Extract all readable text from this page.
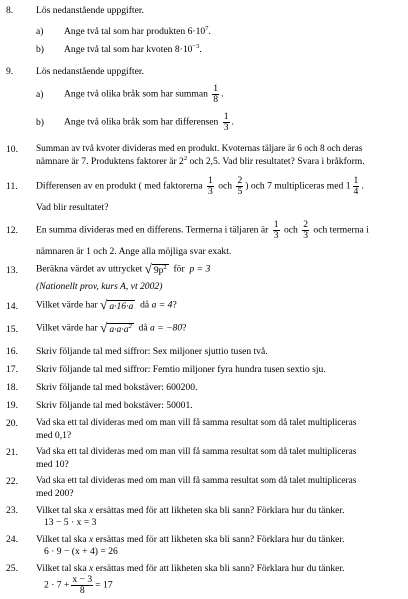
8.	Lös nedanstående uppgifter.
a) Ange två tal som har produkten $6\cdot 10^7$.
b) Ange två tal som har kvoten $8\cdot 10^{-3}$.
9.	Lös nedanstående uppgifter.
a) Ange två olika bråk som har summan $\frac{1}{8}$ .
b) Ange två olika bråk som har differensen $\frac{1}{3}$ .
10.	Summan av två kvoter divideras med en produkt. Kvoternas täljare är 6 och 8 och deras
nämnare är 7. Produktens faktorer är $2^2$ och 2,5. Vad blir resultatet? Svara i bråkform.
11.	Differensen av en produkt ( med faktorerna $\frac{1}{3}$ och $\frac{2}{5}$ ) och 7 multipliceras med $1 \frac{1}{4}$ .
Vad blir resultatet?
12.	En summa divideras med en differens. Termerna i täljaren är $\frac{1}{3}$ och $\frac{2}{3}$ och termerna i
nämnaren är 1 och 2. Ange alla möjliga svar exakt.
13.	Beräkna värdet av uttrycket √ $9p^2$ för p = 3
(Nationellt prov, kurs A, vt 2002)
14.	Vilket värde har √ a·16·a då a = 4?
15.	Vilket värde har √ $a\cdot a\cdot a^2$ då a = −80?
16.	Skriv följande tal med siffror: Sex miljoner sjuttio tusen två.
17.	Skriv följande tal med siffror: Femtio miljoner fyra hundra tusen sextio sju.
18.	Skriv följande tal med bokstäver: 600200.
19.	Skriv följande tal med bokstäver: 50001.
20.	Vad ska ett tal divideras med om man vill få samma resultat som då talet multipliceras
med 0,1?
21.	Vad ska ett tal divideras med om man vill få samma resultat som då talet multipliceras
med 10?
22.	Vad ska ett tal divideras med om man vill få samma resultat som då talet multipliceras
med 200?
23.	Vilket tal ska x ersättas med för att likheten ska bli sann? Förklara hur du tänker.
13 − 5 · x = 3
24.	Vilket tal ska x ersättas med för att likheten ska bli sann? Förklara hur du tänker.
6 · 9 − (x + 4) = 26
25.	Vilket tal ska x ersättas med för att likheten ska bli sann? Förklara hur du tänker.
$2 \cdot 7 + \frac{x - 3}{8} = 17$
